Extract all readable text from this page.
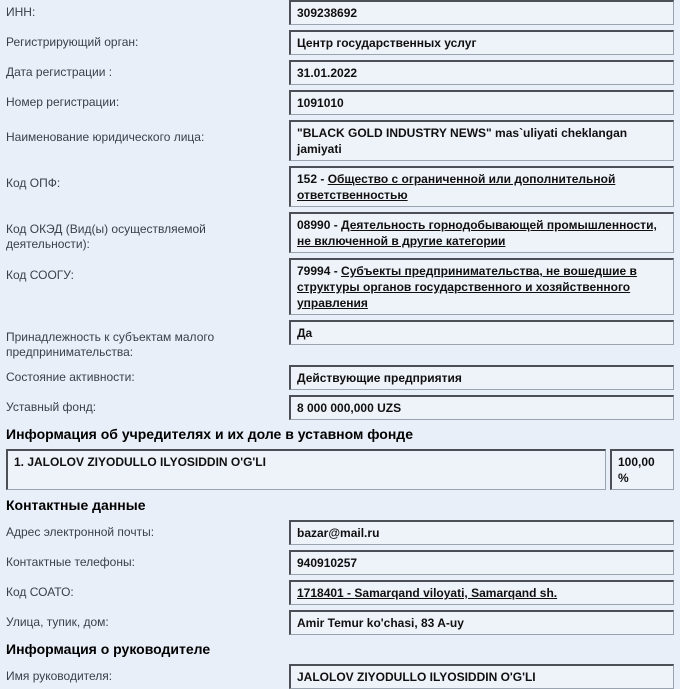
ИНН:	309238692
Регистрирующий орган:	Центр государственных услуг
Дата регистрации :	31.01.2022
Номер регистрации:	1091010
Наименование юридического лица:	"BLACK GOLD INDUSTRY NEWS" mas`uliyati cheklangan jamiyati
Код ОПФ:	152 - Общество с ограниченной или дополнительной ответственностью
Код ОКЭД (Вид(ы) осуществляемой деятельности):
08990 - Деятельность горнодобывающей промышленности, не включенной в другие категории
Код СООГУ:	79994 - Субъекты предпринимательства, не вошедшие в структуры органов государственного и хозяйственного управления
Принадлежность к субъектам малого предпринимательства:
Да
Состояние активности:	Действующие предприятия
Уставный фонд:	8 000 000,000 UZS
Информация об учредителях и их доле в уставном фонде
1. JALOLOV ZIYODULLO ILYOSIDDIN O'G'LI	100,00 %
Контактные данные
Адрес электронной почты:	bazar@mail.ru
Контактные телефоны:	940910257
Код СОАТО:	1718401 - Samarqand viloyati, Samarqand sh.
Улица, тупик, дом:	Amir Temur ko'chasi, 83 A-uy
Информация о руководителе
Имя руководителя:	JALOLOV ZIYODULLO ILYOSIDDIN O'G'LI
